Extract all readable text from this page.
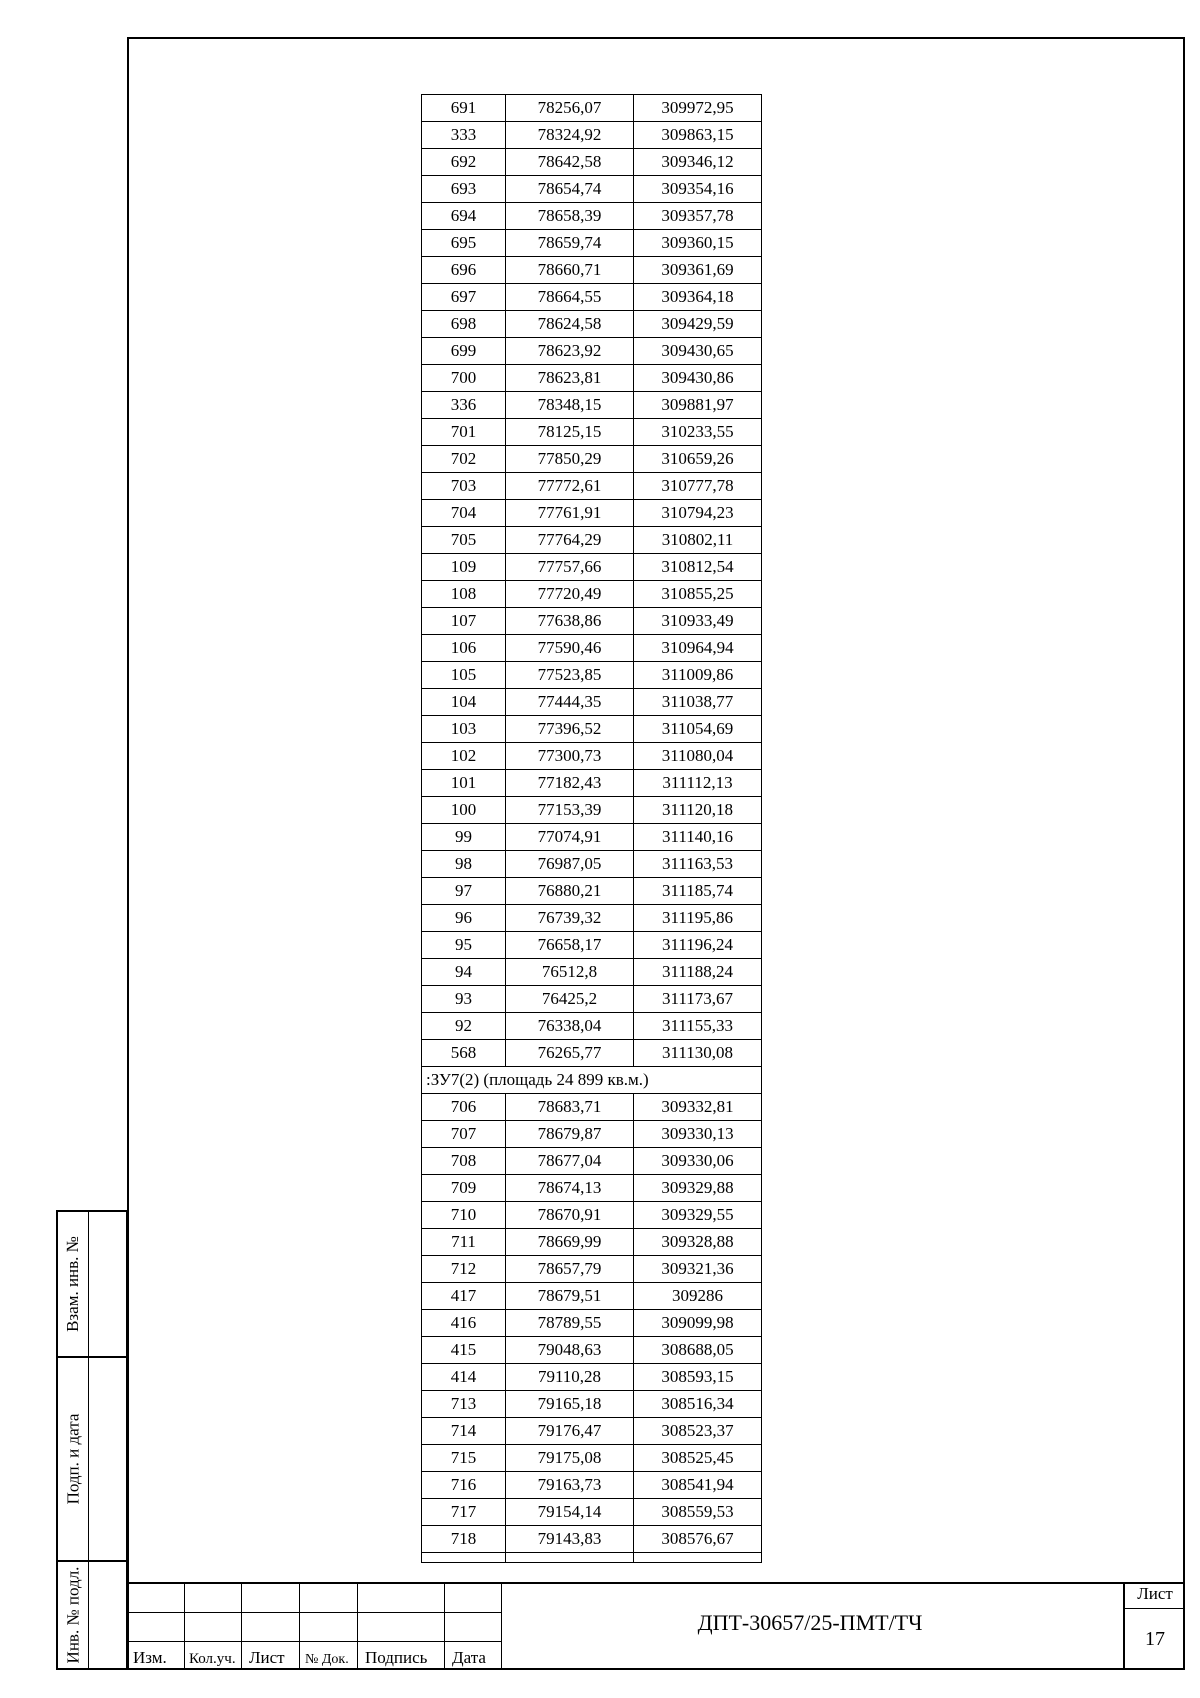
691	78256,07	309972,95
333	78324,92	309863,15
692	78642,58	309346,12
693	78654,74	309354,16
694	78658,39	309357,78
695	78659,74	309360,15
696	78660,71	309361,69
697	78664,55	309364,18
698	78624,58	309429,59
699	78623,92	309430,65
700	78623,81	309430,86
336	78348,15	309881,97
701	78125,15	310233,55
702	77850,29	310659,26
703	77772,61	310777,78
704	77761,91	310794,23
705	77764,29	310802,11
109	77757,66	310812,54
108	77720,49	310855,25
107	77638,86	310933,49
106	77590,46	310964,94
105	77523,85	311009,86
104	77444,35	311038,77
103	77396,52	311054,69
102	77300,73	311080,04
101	77182,43	311112,13
100	77153,39	311120,18
99	77074,91	311140,16
98	76987,05	311163,53
97	76880,21	311185,74
96	76739,32	311195,86
95	76658,17	311196,24
94	76512,8	311188,24
93	76425,2	311173,67
92	76338,04	311155,33
568	76265,77	311130,08
:ЗУ7(2) (площадь 24 899 кв.м.)		
706	78683,71	309332,81
707	78679,87	309330,13
708	78677,04	309330,06
709	78674,13	309329,88
710	78670,91	309329,55
711	78669,99	309328,88
712	78657,79	309321,36
417	78679,51	309286
416	78789,55	309099,98
415	79048,63	308688,05
414	79110,28	308593,15
713	79165,18	308516,34
714	79176,47	308523,37
715	79175,08	308525,45
716	79163,73	308541,94
717	79154,14	308559,53
718	79143,83	308576,67

Взам. инв. №
Подп. и дата
Инв. № подл.	Изм. Кол.уч. Лист № Док. Подпись Дата
ДПТ-30657/25-ПМТ/ТЧ
Лист
17
